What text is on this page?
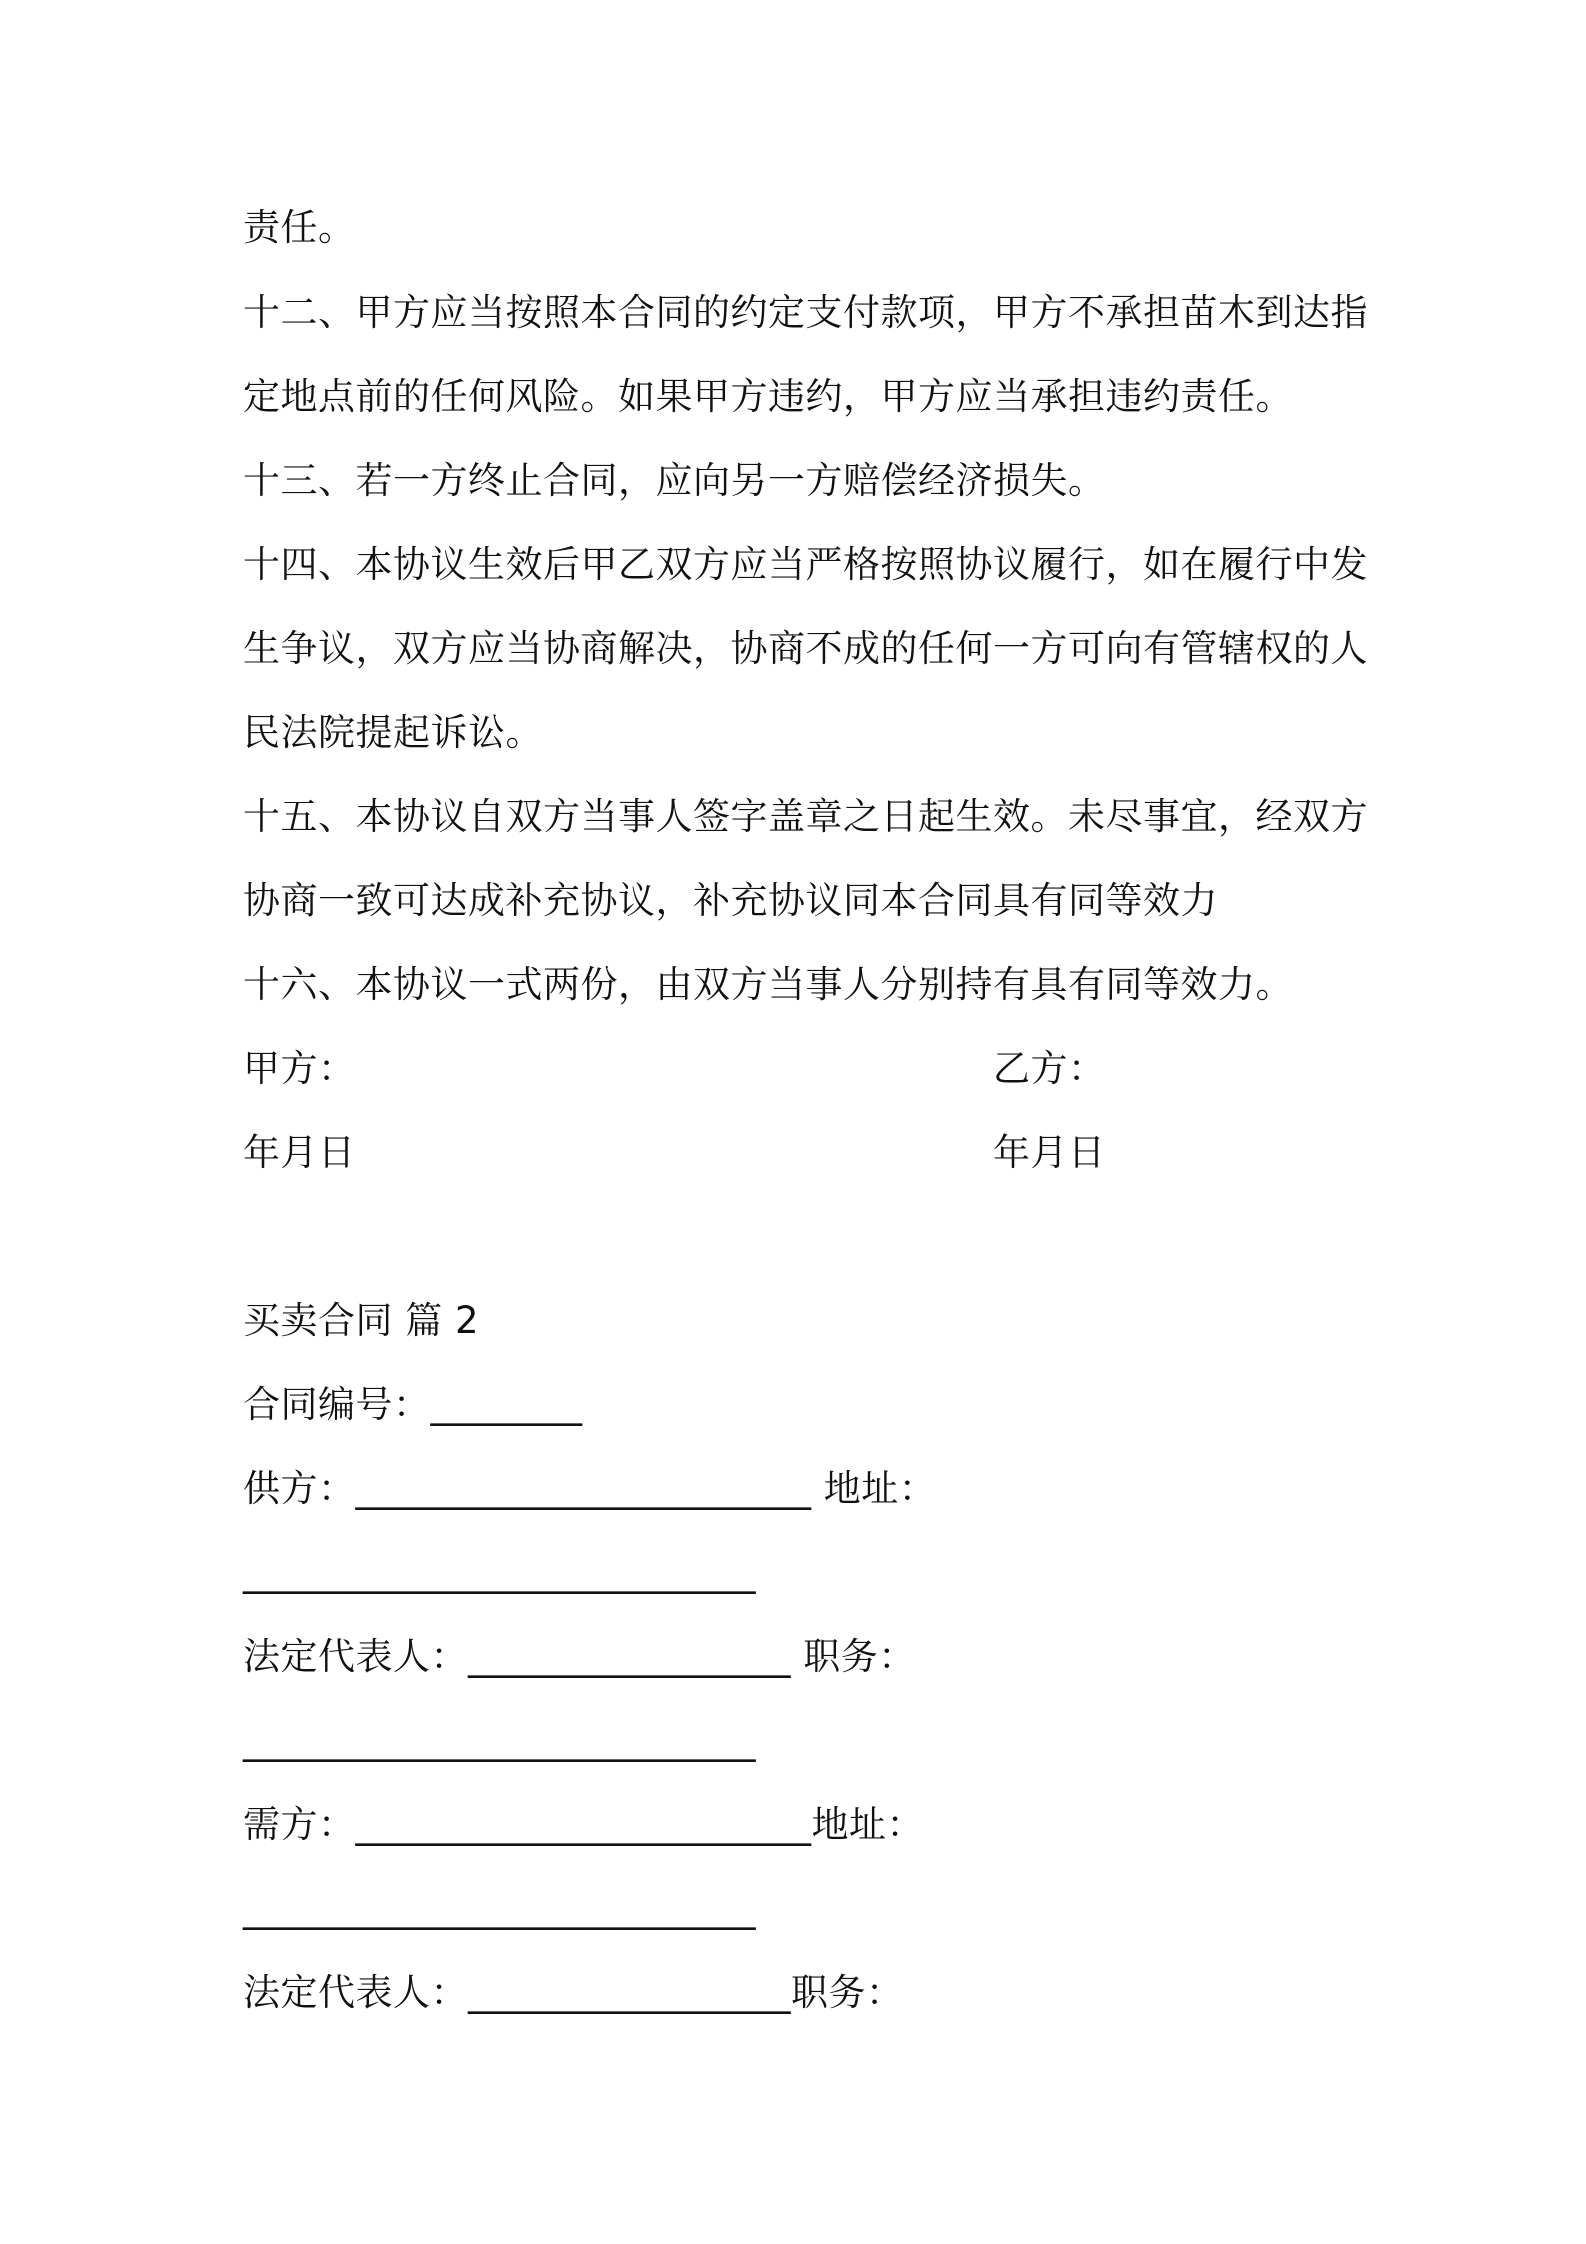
责任。
十二、甲方应当按照本合同的约定支付款项，甲方不承担苗木到达指
定地点前的任何风险。如果甲方违约，甲方应当承担违约责任。
十三、若一方终止合同，应向另一方赔偿经济损失。
十四、本协议生效后甲乙双方应当严格按照协议履行，如在履行中发
生争议，双方应当协商解决，协商不成的任何一方可向有管辖权的人
民法院提起诉讼。
十五、本协议自双方当事人签字盖章之日起生效。未尽事宜，经双方
协商一致可达成补充协议，补充协议同本合同具有同等效力
十六、本协议一式两份，由双方当事人分别持有具有同等效力。
甲方：	乙方：
年月日	年月日
买卖合同 篇 2
合同编号：________
供方：________________________ 地址：
___________________________
法定代表人：_________________ 职务：
___________________________
需方：________________________地址：
___________________________
法定代表人：_________________职务：
